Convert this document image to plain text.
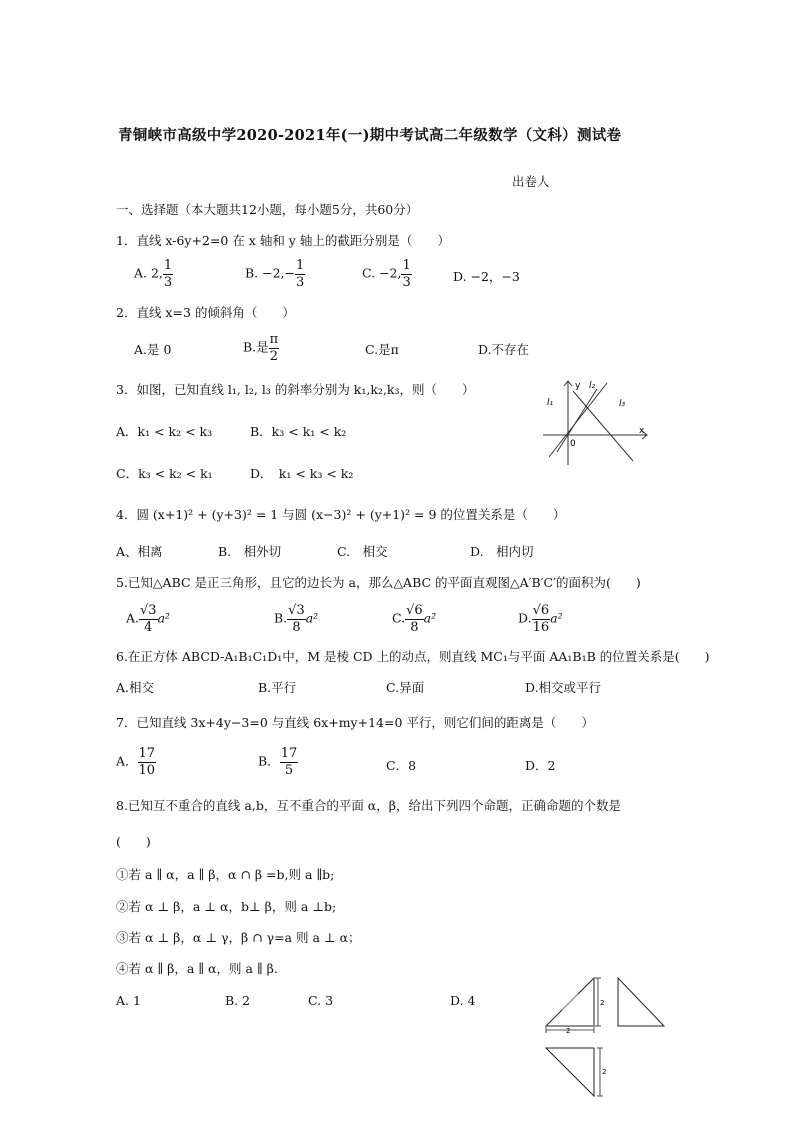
青铜峡市高级中学2020-2021年(一)期中考试高二年级数学（文科）测试卷
出卷人
一、选择题（本大题共12小题，每小题5分，共60分）
1．直线 x-6y+2=0 在 x 轴和 y 轴上的截距分别是（　　）
A. 2, $\frac{1}{3}$	B. $-2,- \frac{1}{3}$	C. −2, $\frac{1}{3}$	D. −2，−3
2．直线 x=3 的倾斜角（　　）
A.是 0	B.是 $\frac{\pi}{2}$	C.是π	D.不存在
3．如图，已知直线 l₁, l₂, l₃ 的斜率分别为 k₁,k₂,k₃，则（　　）
A．k₁ < k₂ < k₃	B．k₃ < k₁ < k₂
C．k₃ < k₂ < k₁	D．　k₁ < k₃ < k₂
y
x
0
l₁
l₂
l₃
4．圆 (x+1)² + (y+3)² = 1 与圆 (x−3)² + (y+1)² = 9 的位置关系是（　　）
A、相离	B.　相外切	C.　相交	D.　相内切
5.已知△ABC 是正三角形，且它的边长为 a，那么△ABC 的平面直观图△A′B′C′的面积为(　　)
A. $\frac{√3}{4} a^2$	B. $\frac{√3}{8} a^2$	C. $\frac{√6}{8} a^2$	D. $\frac{√6}{16} a^2$
6.在正方体 ABCD-A₁B₁C₁D₁中，M 是棱 CD 上的动点，则直线 MC₁与平面 AA₁B₁B 的位置关系是(　　)
A.相交	B.平行	C.异面	D.相交或平行
7．已知直线 3x+4y−3=0 与直线 6x+my+14=0 平行，则它们间的距离是（　　）
A． $\frac{17}{10}$	B． $\frac{17}{5}$	C．8	D．2
8.已知互不重合的直线 a,b，互不重合的平面 α，β，给出下列四个命题，正确命题的个数是
(　　)
①若 a ∥ α，a ∥ β，α ∩ β =b,则 a ∥b;
②若 α ⊥ β，a ⊥ α，b⊥ β，则 a ⊥b;
③若 α ⊥ β，α ⊥ γ，β ∩ γ=a 则 a ⊥ α；
④若 α ∥ β，a ∥ α，则 a ∥ β.
A. 1	B. 2	C. 3	D. 4	2
2
2
